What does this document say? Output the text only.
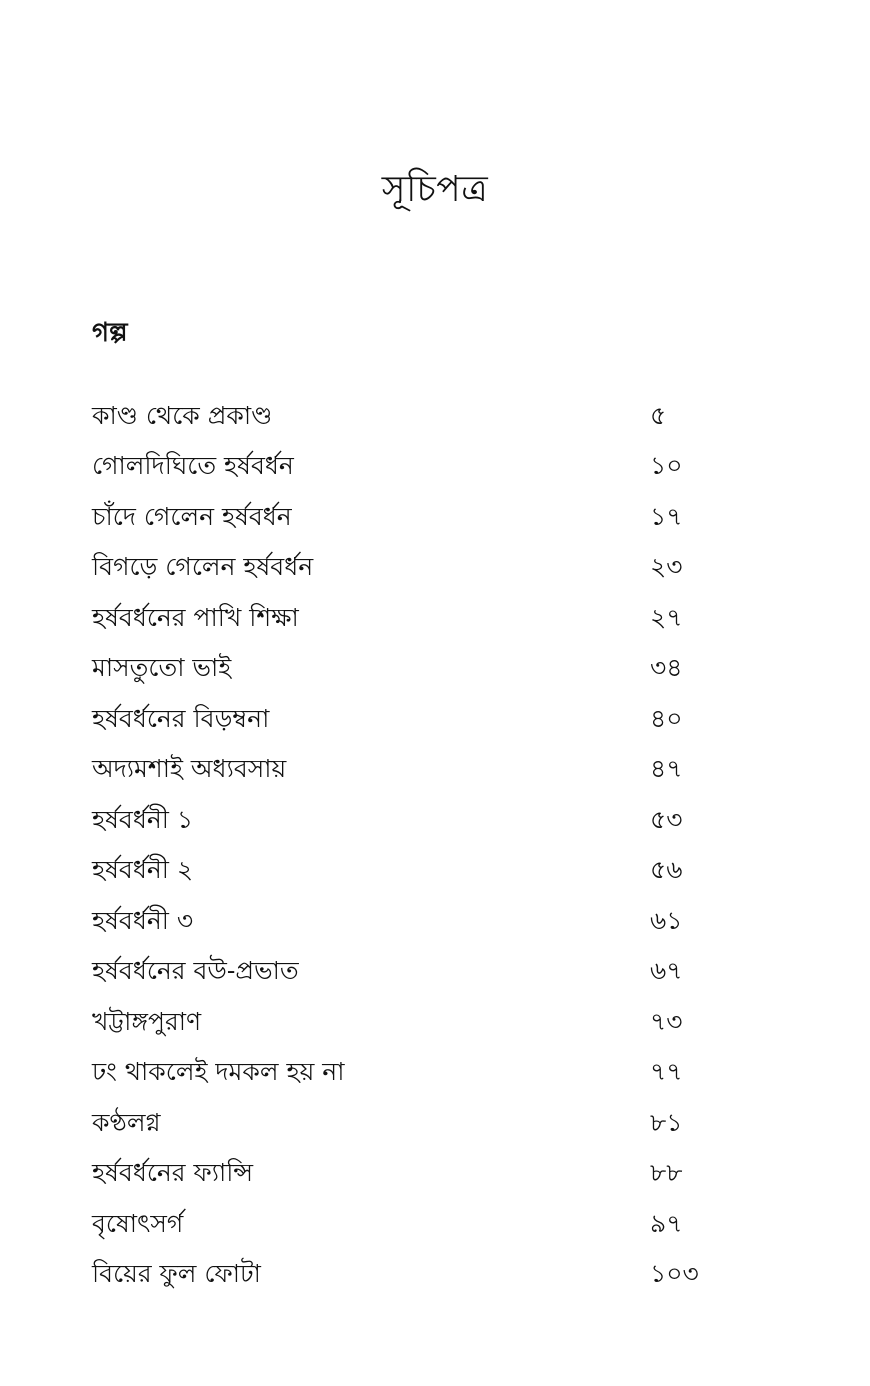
সূচিপত্র
গল্প
কাণ্ড থেকে প্রকাণ্ড	৫
গোলদিঘিতে হর্ষবর্ধন	১০
চাঁদে গেলেন হর্ষবর্ধন	১৭
বিগড়ে গেলেন হর্ষবর্ধন	২৩
হর্ষবর্ধনের পাখি শিক্ষা	২৭
মাসতুতো ভাই	৩৪
হর্ষবর্ধনের বিড়ম্বনা	৪০
অদ্যমশাই অধ্যবসায়	৪৭
হর্ষবর্ধনী ১	৫৩
হর্ষবর্ধনী ২	৫৬
হর্ষবর্ধনী ৩	৬১
হর্ষবর্ধনের বউ-প্রভাত	৬৭
খট্টাঙ্গপুরাণ	৭৩
ঢং থাকলেই দমকল হয় না	৭৭
কণ্ঠলগ্ন	৮১
হর্ষবর্ধনের ফ্যান্সি	৮৮
বৃষোৎসর্গ	৯৭
বিয়ের ফুল ফোটা	১০৩
